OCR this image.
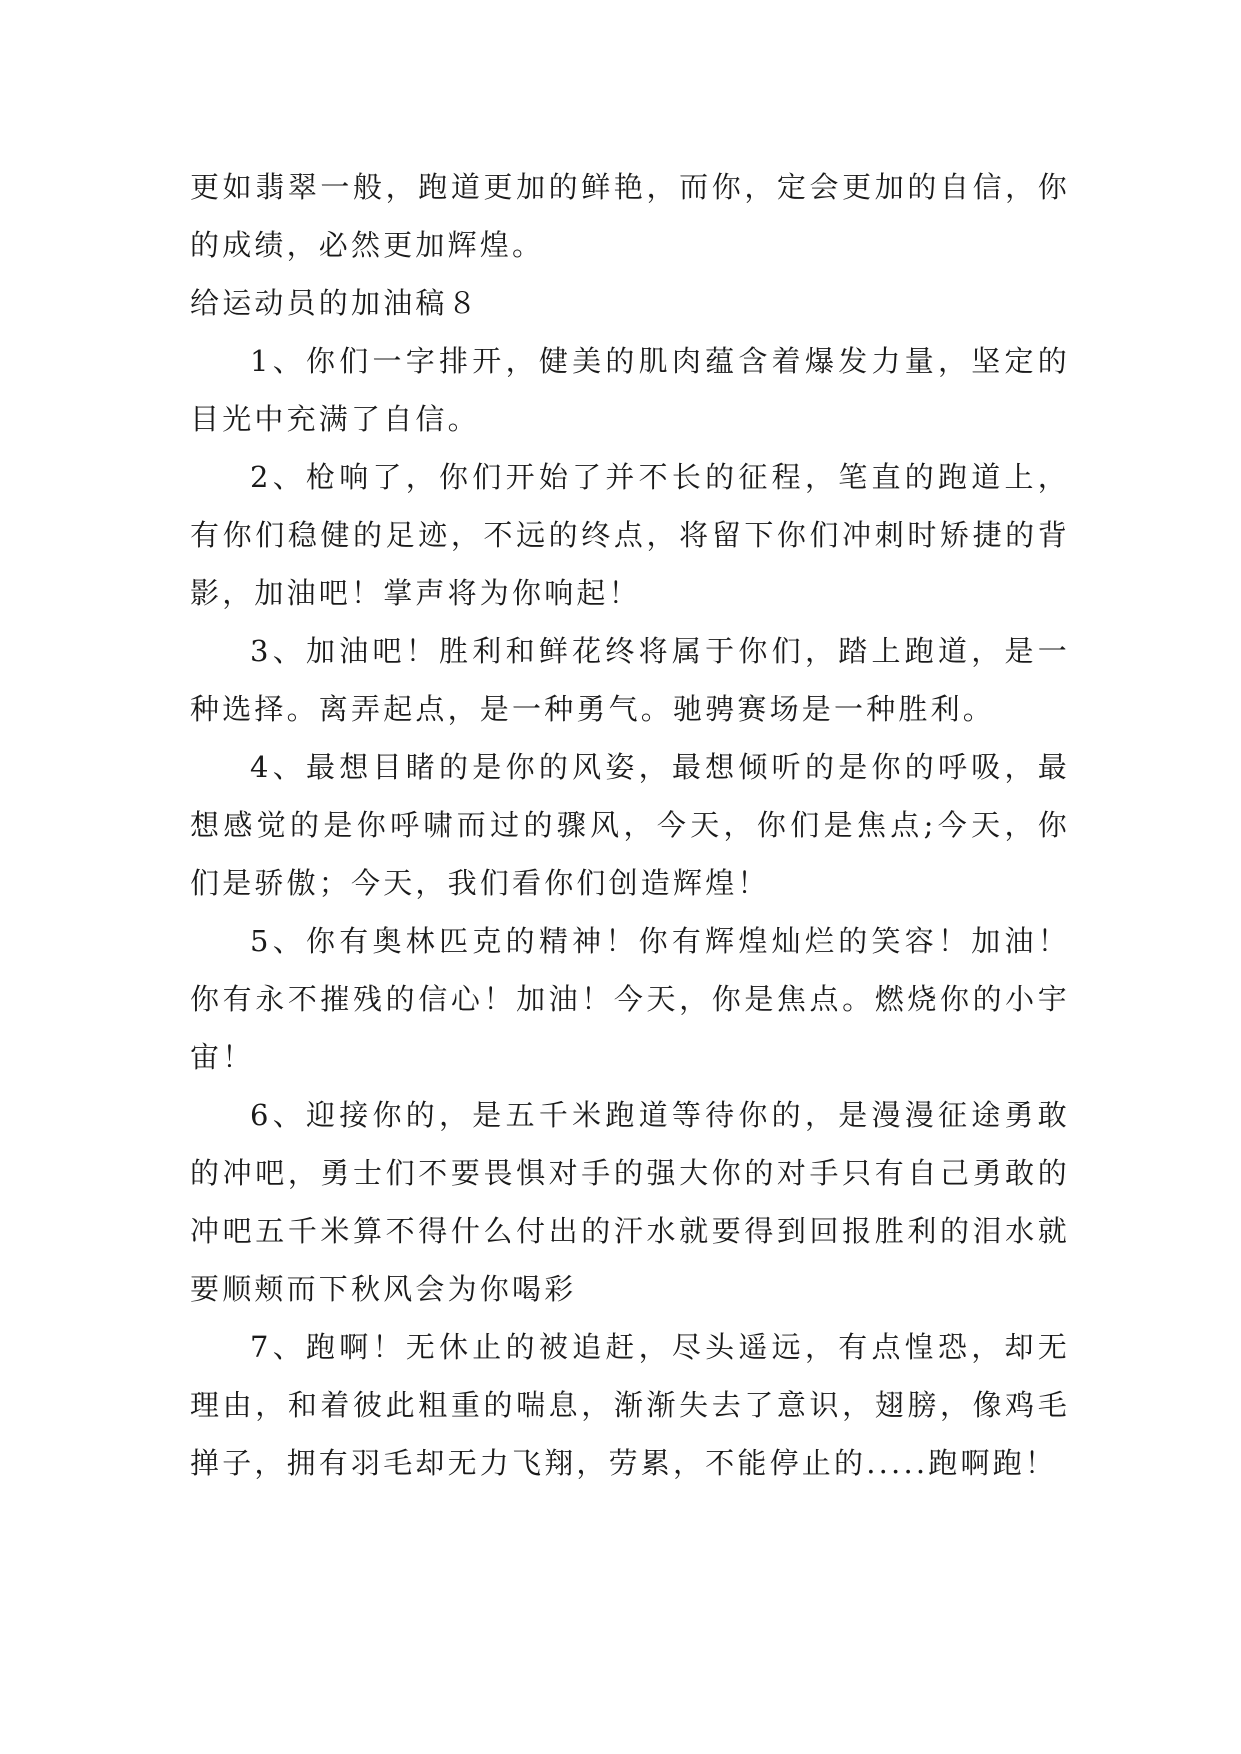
更如翡翠一般，跑道更加的鲜艳，而你，定会更加的自信，你的成绩，必然更加辉煌。

给运动员的加油稿８

1、你们一字排开，健美的肌肉蕴含着爆发力量，坚定的目光中充满了自信。

2、枪响了，你们开始了并不长的征程，笔直的跑道上，有你们稳健的足迹，不远的终点，将留下你们冲刺时矫捷的背影，加油吧！掌声将为你响起！

3、加油吧！胜利和鲜花终将属于你们，踏上跑道，是一种选择。离弄起点，是一种勇气。驰骋赛场是一种胜利。

4、最想目睹的是你的风姿，最想倾听的是你的呼吸，最想感觉的是你呼啸而过的骤风，今天，你们是焦点;今天，你们是骄傲；今天，我们看你们创造辉煌！

5、你有奥林匹克的精神！你有辉煌灿烂的笑容！加油！你有永不摧残的信心！加油！今天，你是焦点。燃烧你的小宇宙！

6、迎接你的，是五千米跑道等待你的，是漫漫征途勇敢的冲吧，勇士们不要畏惧对手的强大你的对手只有自己勇敢的冲吧五千米算不得什么付出的汗水就要得到回报胜利的泪水就要顺颊而下秋风会为你喝彩

7、跑啊！无休止的被追赶，尽头遥远，有点惶恐，却无理由，和着彼此粗重的喘息，渐渐失去了意识，翅膀，像鸡毛掸子，拥有羽毛却无力飞翔，劳累，不能停止的.....跑啊跑！
